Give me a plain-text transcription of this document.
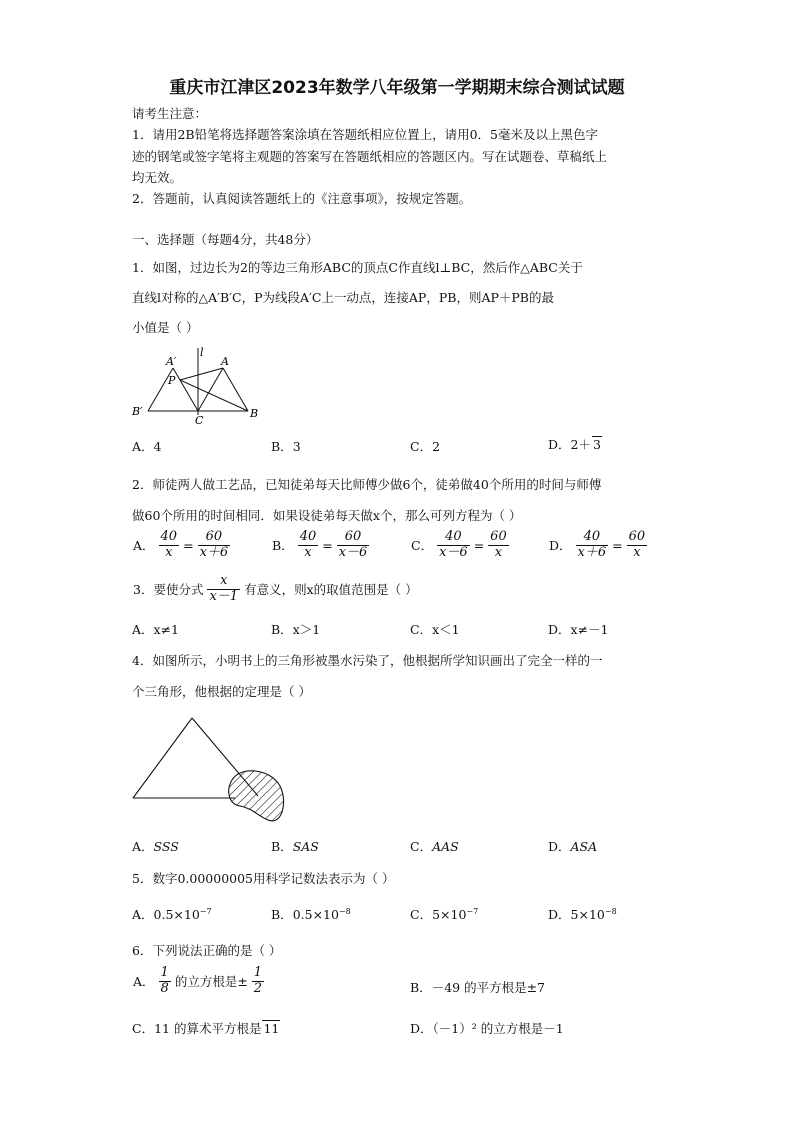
重庆市江津区2023年数学八年级第一学期期末综合测试试题
请考生注意：
1．请用2B铅笔将选择题答案涂填在答题纸相应位置上，请用0．5毫米及以上黑色字
迹的钢笔或签字笔将主观题的答案写在答题纸相应的答题区内。写在试题卷、草稿纸上
均无效。
2．答题前，认真阅读答题纸上的《注意事项》，按规定答题。
一、选择题（每题4分，共48分）
1．如图，过边长为2的等边三角形ABC的顶点C作直线l⊥BC，然后作△ABC关于
直线l对称的△A′B′C，P为线段A′C上一动点，连接AP，PB，则AP＋PB的最
小值是（ ）
A′
l
A
P
B′
C
B
A．4	B．3	C．2	D．2＋ 3
2．师徒两人做工艺品，已知徒弟每天比师傅少做6个，徒弟做40个所用的时间与师傅
做60个所用的时间相同．如果设徒弟每天做x个，那么可列方程为（ ）
A． $\frac{40}{x} = \frac{60}{x+6}$	B． $\frac{40}{x} = \frac{60}{x-6}$	C． $\frac{40}{x-6} = \frac{60}{x}$	D． $\frac{40}{x+6} = \frac{60}{x}$
3．要使分式 $\frac{x}{x-1}$ 有意义，则x的取值范围是（ ）
A．x≠1	B．x＞1	C．x＜1	D．x≠－1
4．如图所示，小明书上的三角形被墨水污染了，他根据所学知识画出了完全一样的一
个三角形，他根据的定理是（ ）
A．SSS	B．SAS	C．AAS	D．ASA
5．数字0.00000005用科学记数法表示为（ ）
A．$0.5\times 10^{-7}$	B．$0.5\times 10^{-8}$	C．$5\times 10^{-7}$	D．$5\times 10^{-8}$
6．下列说法正确的是（ ）
A． $\frac{1}{8}$ 的立方根是± $\frac{1}{2}$	B．－49 的平方根是±7
C．11 的算术平方根是 11	D．（－1）² 的立方根是－1
